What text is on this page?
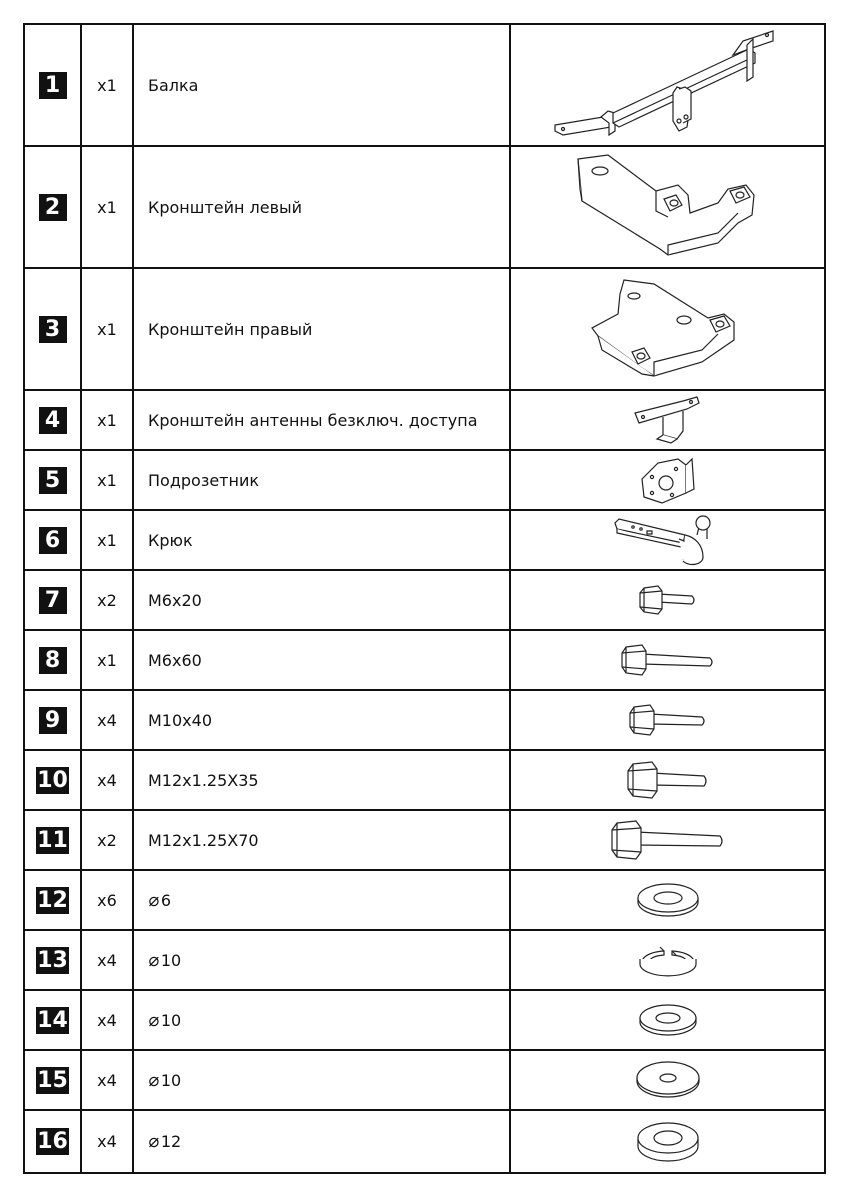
1	x1	Балка	

2	x1	Кронштейн левый	

3	x1	Кронштейн правый	

4	x1	Кронштейн антенны безключ. доступа	

5	x1	Подрозетник	

6	x1	Крюк	

7	x2	M6x20	

8	x1	M6x60	

9	x4	M10x40	

10	x4	M12x1.25X35	

11	x2	M12x1.25X70	

12	x6	⌀ 6	

13	x4	⌀ 10	

14	x4	⌀ 10	

15	x4	⌀ 10	

16	x4	⌀ 12	
